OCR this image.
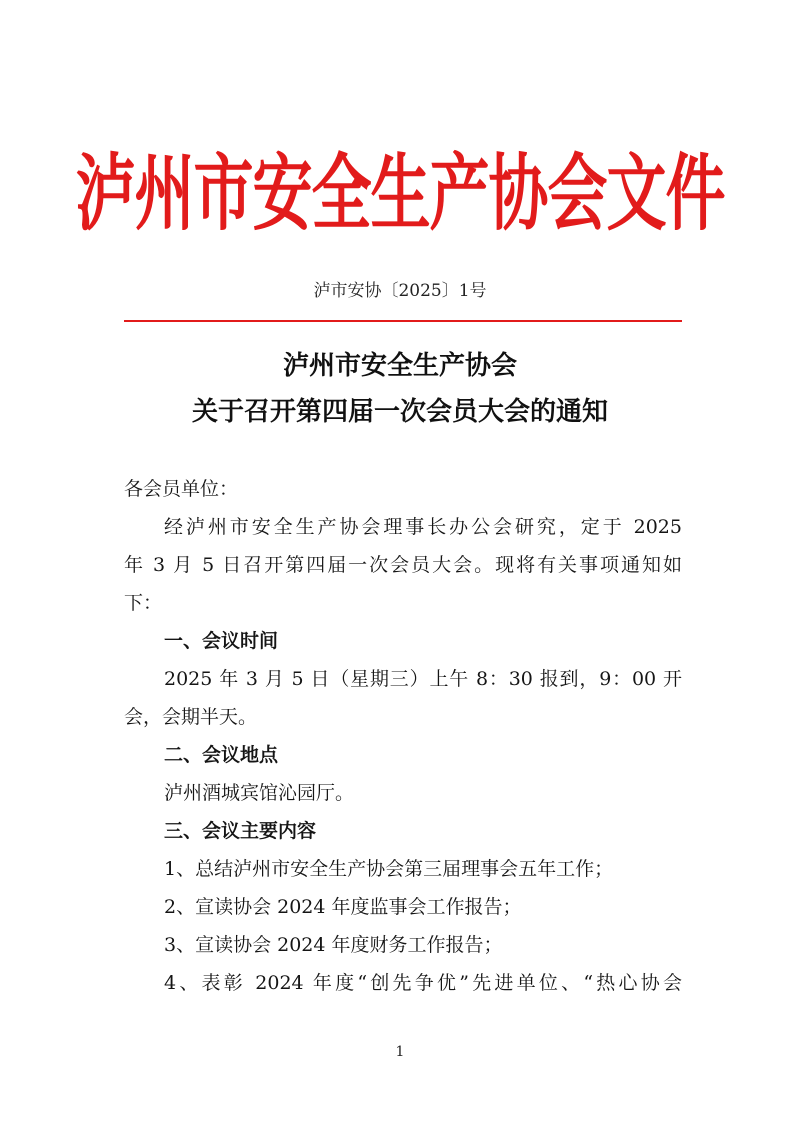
泸州市安全生产协会文件
泸市安协〔2025〕1号
泸州市安全生产协会
关于召开第四届一次会员大会的通知
各会员单位：
经泸州市安全生产协会理事长办公会研究，定于 2025
年 3 月 5 日召开第四届一次会员大会。现将有关事项通知如
下：
一、会议时间
2025 年 3 月 5 日（星期三）上午 8：30 报到，9：00 开
会，会期半天。
二、会议地点
泸州酒城宾馆沁园厅。
三、会议主要内容
1、总结泸州市安全生产协会第三届理事会五年工作；
2、宣读协会 2024 年度监事会工作报告；
3、宣读协会 2024 年度财务工作报告；
4、表彰 2024 年度“创先争优”先进单位、“热心协会
1
